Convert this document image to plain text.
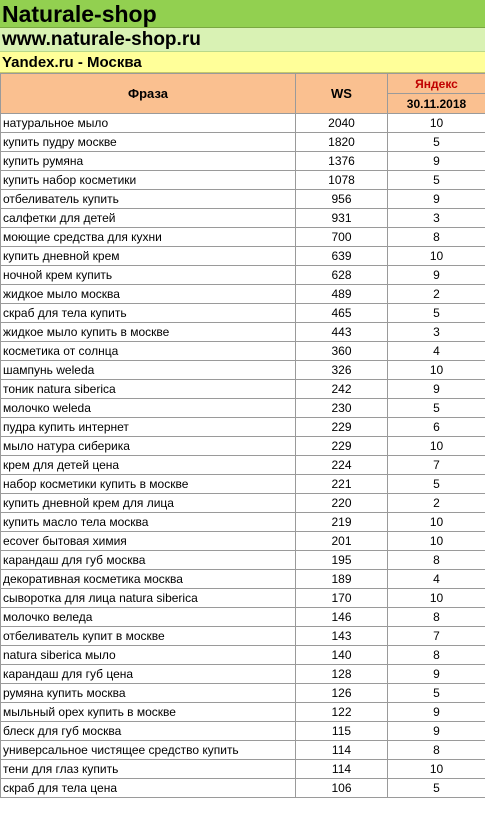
Naturale-shop
www.naturale-shop.ru
Yandex.ru - Москва
Фраза	WS	Яндекс
		30.11.2018
натуральное мыло	2040	10
купить пудру москве	1820	5
купить румяна	1376	9
купить набор косметики	1078	5
отбеливатель купить	956	9
салфетки для детей	931	3
моющие средства для кухни	700	8
купить дневной крем	639	10
ночной крем купить	628	9
жидкое мыло москва	489	2
скраб для тела купить	465	5
жидкое мыло купить в москве	443	3
косметика от солнца	360	4
шампунь weleda	326	10
тоник natura siberica	242	9
молочко weleda	230	5
пудра купить интернет	229	6
мыло натура сиберика	229	10
крем для детей цена	224	7
набор косметики купить в москве	221	5
купить дневной крем для лица	220	2
купить масло тела москва	219	10
ecover бытовая химия	201	10
карандаш для губ москва	195	8
декоративная косметика москва	189	4
сыворотка для лица natura siberica	170	10
молочко веледа	146	8
отбеливатель купит в москве	143	7
natura siberica мыло	140	8
карандаш для губ цена	128	9
румяна купить москва	126	5
мыльный орех купить в москве	122	9
блеск для губ москва	115	9
универсальное чистящее средство купить	114	8
тени для глаз купить	114	10
скраб для тела цена	106	5
